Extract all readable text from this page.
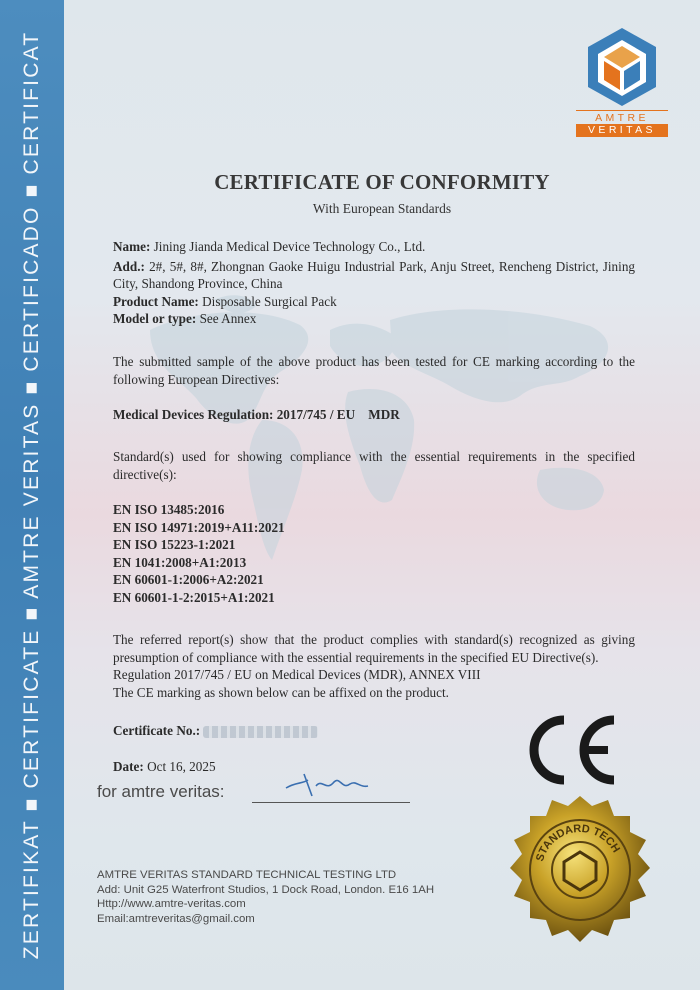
ZERTIFIKAT ■ CERTIFICATE ■ AMTRE VERITAS ■ CERTIFICADO ■ CERTIFICAT	AMTRE
VERITAS
CERTIFICATE OF CONFORMITY
With European Standards
Name: Jining Jianda Medical Device Technology Co., Ltd.
Add.: 2#, 5#, 8#, Zhongnan Gaoke Huigu Industrial Park, Anju Street, Rencheng District, Jining City, Shandong Province, China
Product Name: Disposable Surgical Pack
Model or type: See Annex
The submitted sample of the above product has been tested for CE marking according to the following European Directives:
Medical Devices Regulation: 2017/745 / EU    MDR
Standard(s) used for showing compliance with the essential requirements in the specified directive(s):
EN ISO 13485:2016
EN ISO 14971:2019+A11:2021
EN ISO 15223-1:2021
EN 1041:2008+A1:2013
EN 60601-1:2006+A2:2021
EN 60601-1-2:2015+A1:2021
The referred report(s) show that the product complies with standard(s) recognized as giving presumption of compliance with the essential requirements in the specified EU Directive(s).
Regulation 2017/745 / EU on Medical Devices (MDR), ANNEX VIII
The CE marking as shown below can be affixed on the product.
Certificate No.:
Date: Oct 16, 2025
for amtre veritas:
AMTRE VERITAS STANDARD TECHNICAL TESTING LTD
Add: Unit G25 Waterfront Studios, 1 Dock Road, London. E16 1AH
Http://www.amtre-veritas.com
Email:amtreveritas@gmail.com
STANDARD TECH
